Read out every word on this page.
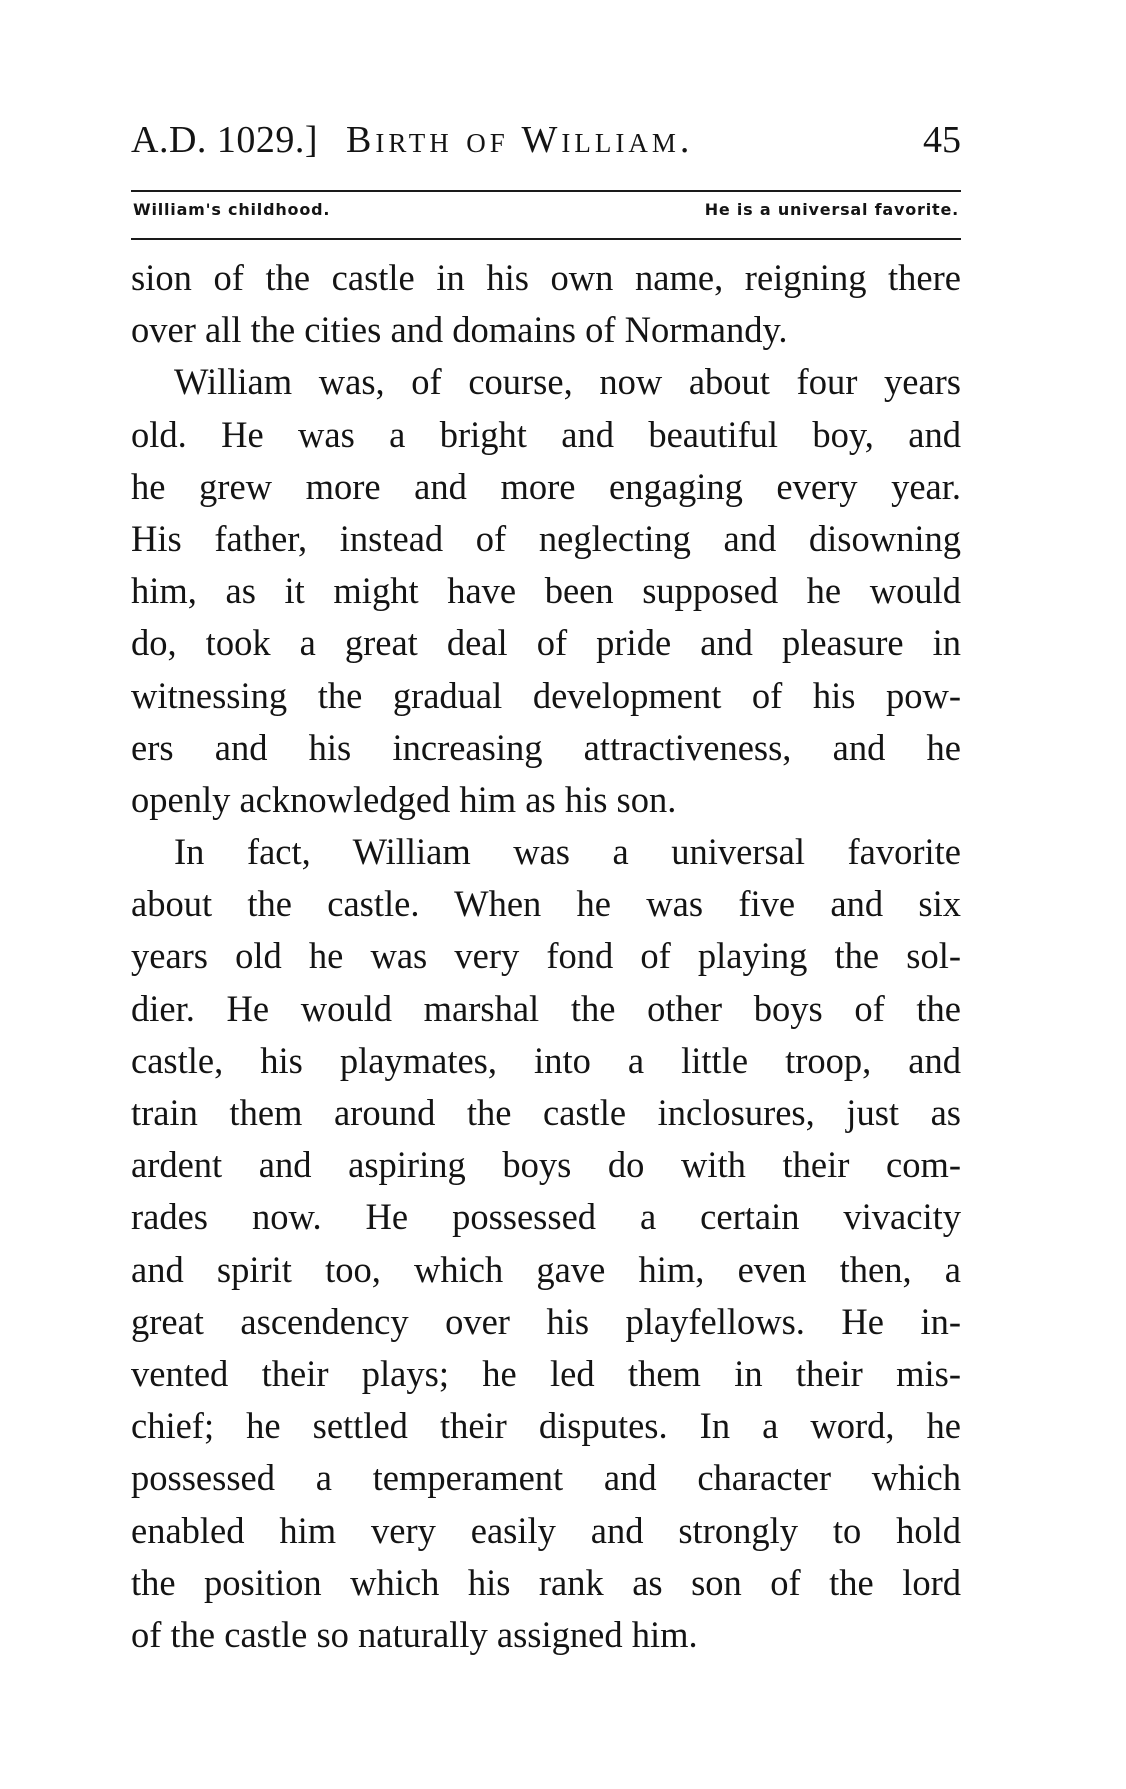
A.D. 1029.] Birth of William.	45
William's childhood.	He is a universal favorite.
sion of the castle in his own name, reigning there
over all the cities and domains of Normandy.
William was, of course, now about four years
old. He was a bright and beautiful boy, and
he grew more and more engaging every year.
His father, instead of neglecting and disowning
him, as it might have been supposed he would
do, took a great deal of pride and pleasure in
witnessing the gradual development of his pow-
ers and his increasing attractiveness, and he
openly acknowledged him as his son.
In fact, William was a universal favorite
about the castle. When he was five and six
years old he was very fond of playing the sol-
dier. He would marshal the other boys of the
castle, his playmates, into a little troop, and
train them around the castle inclosures, just as
ardent and aspiring boys do with their com-
rades now. He possessed a certain vivacity
and spirit too, which gave him, even then, a
great ascendency over his playfellows. He in-
vented their plays; he led them in their mis-
chief; he settled their disputes. In a word, he
possessed a temperament and character which
enabled him very easily and strongly to hold
the position which his rank as son of the lord
of the castle so naturally assigned him.
